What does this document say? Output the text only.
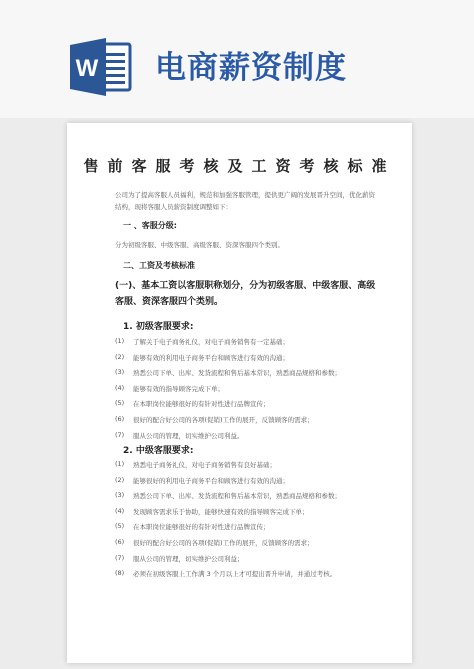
W 电商薪资制度
售前客服考核及工资考核标准
公司为了提高客服人员福利，规范和加强客服管理，提供更广阔的发展晋升空间，优化薪资结构，现将客服人员薪资制度调整如下：
一 、客服分级:
分为初级客服、中级客服、高级客服、资深客服四个类别。
二、工资及考核标准
(一)、基本工资以客服职称划分，分为初级客服、中级客服、高级客服、资深客服四个类别。
1. 初级客服要求:
(1) 了解关于电子商务礼仪，对电子商务销售有一定基础；
(2) 能够有效的利用电子商务平台和顾客进行有效的沟通；
(3) 熟悉公司下单、出库、发货流程和售后基本常识，熟悉商品规格和参数；
(4) 能够有效的指导顾客完成下单；
(5) 在本职岗位能够很好的有针对性进行品牌宣传；
(6) 很好的配合好公司的各项(促销)工作的展开，反馈顾客的需求；
(7) 服从公司的管理，切实维护公司利益。
2. 中级客服要求:
(1) 熟悉电子商务礼仪，对电子商务销售有良好基础；
(2) 能够很好的利用电子商务平台和顾客进行有效的沟通；
(3) 熟悉公司下单、出库、发货流程和售后基本常识，熟悉商品规格和参数；
(4) 发现顾客需求乐于协助，能够快速有效的指导顾客完成下单；
(5) 在本职岗位能够很好的有针对性进行品牌宣传；
(6) 很好的配合好公司的各项(促销)工作的展开，反馈顾客的需求；
(7) 服从公司的管理，切实维护公司利益；
(8) 必须在初级客服上工作满 3 个月以上才可提出晋升申请，并通过考核。
